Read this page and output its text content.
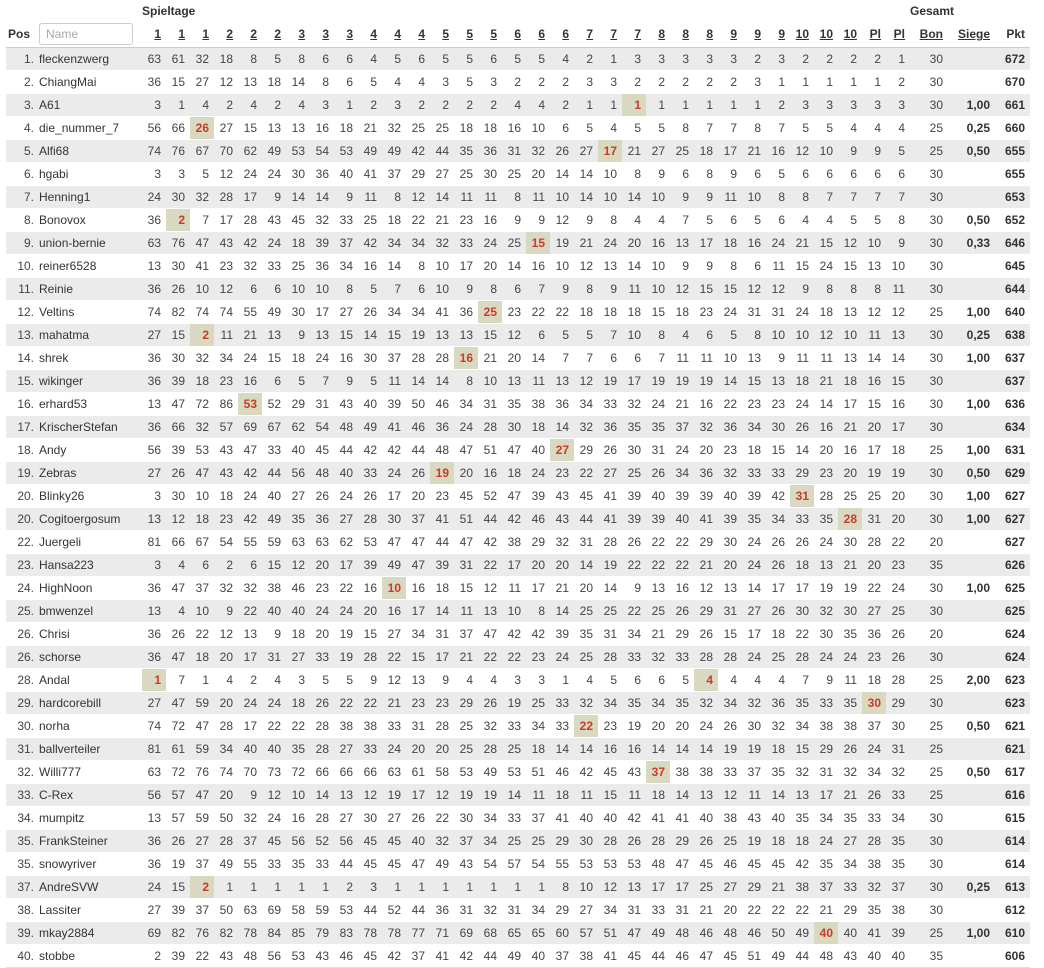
		Spieltage																																Gesamt		
Pos	Name	1	1	1	2	2	2	3	3	3	4	4	4	5	5	5	6	6	6	7	7	7	8	8	8	9	9	9	10	10	10	Pl	Pl	Bon	Siege	Pkt
1.	fleckenzwerg	63	61	32	18	8	5	8	6	6	4	5	6	5	5	6	5	5	4	2	1	3	3	3	3	3	2	3	2	2	2	2	1	30		672
2.	ChiangMai	36	15	27	12	13	18	14	8	6	5	4	4	3	5	3	2	2	2	3	3	2	2	2	2	2	3	1	1	1	1	1	2	30		670
3.	A61	3	1	4	2	4	2	4	3	1	2	3	2	2	2	2	4	4	2	1	1	1	1	1	1	1	1	2	3	3	3	3	3	30	1,00	661
4.	die_nummer_7	56	66	26	27	15	13	13	16	18	21	32	25	25	18	18	16	10	6	5	4	5	5	8	7	7	8	7	5	5	4	4	4	25	0,25	660
5.	Alfi68	74	76	67	70	62	49	53	54	53	49	49	42	44	35	36	31	32	26	27	17	21	27	25	18	17	21	16	12	10	9	9	5	25	0,50	655
6.	hgabi	3	3	5	12	24	24	30	36	40	41	37	29	27	25	30	25	20	14	14	10	8	9	6	8	9	6	5	6	6	6	6	6	30		655
7.	Henning1	24	30	32	28	17	9	14	14	9	11	8	12	14	11	11	8	11	10	14	10	14	10	9	9	11	10	8	8	7	7	7	7	30		653
8.	Bonovox	36	2	7	17	28	43	45	32	33	25	18	22	21	23	16	9	9	12	9	8	4	4	7	5	6	5	6	4	4	5	5	8	30	0,50	652
9.	union-bernie	63	76	47	43	42	24	18	39	37	42	34	34	32	33	24	25	15	19	21	24	20	16	13	17	18	16	24	21	15	12	10	9	30	0,33	646
10.	reiner6528	13	30	41	23	32	33	25	36	34	16	14	8	10	17	20	14	16	10	12	13	14	10	9	9	8	6	11	15	24	15	13	10	30		645
11.	Reinie	36	26	10	12	6	6	10	10	8	5	7	6	10	9	8	6	7	9	8	9	11	10	12	15	15	12	12	9	8	8	8	11	30		644
12.	Veltins	74	82	74	74	55	49	30	17	27	26	34	34	41	36	25	23	22	22	18	18	18	15	18	23	24	31	31	24	18	13	12	12	25	1,00	640
13.	mahatma	27	15	2	11	21	13	9	13	15	14	15	19	13	13	15	12	6	5	5	7	10	8	4	6	5	8	10	10	12	10	11	13	30	0,25	638
14.	shrek	36	30	32	34	24	15	18	24	16	30	37	28	28	16	21	20	14	7	7	6	6	7	11	11	10	13	9	11	11	13	14	14	30	1,00	637
15.	wikinger	36	39	18	23	16	6	5	7	9	5	11	14	14	8	10	13	11	13	12	19	17	19	19	19	14	15	13	18	21	18	16	15	30		637
16.	erhard53	13	47	72	86	53	52	29	31	43	40	39	50	46	34	31	35	38	36	34	33	32	24	21	16	22	23	23	24	14	17	15	16	30	1,00	636
17.	KrischerStefan	36	66	32	57	69	67	62	54	48	49	41	46	36	24	28	30	18	14	32	36	35	35	37	32	36	34	30	26	16	21	20	17	30		634
18.	Andy	56	39	53	43	47	33	40	45	44	42	42	44	48	47	51	47	40	27	29	26	30	31	24	20	23	18	15	14	20	16	17	18	25	1,00	631
19.	Zebras	27	26	47	43	42	44	56	48	40	33	24	26	19	20	16	18	24	23	22	27	25	26	34	36	32	33	33	29	23	20	19	19	30	0,50	629
20.	Blinky26	3	30	10	18	24	40	27	26	24	26	17	20	23	45	52	47	39	43	45	41	39	40	39	39	40	39	42	31	28	25	25	20	30	1,00	627
20.	Cogitoergosum	13	12	18	23	42	49	35	36	27	28	30	37	41	51	44	42	46	43	44	41	39	39	40	41	39	35	34	33	35	28	31	20	30	1,00	627
22.	Juergeli	81	66	67	54	55	59	63	63	62	53	47	47	44	47	42	38	29	32	31	28	26	22	22	29	30	24	26	26	24	30	28	22	20		627
23.	Hansa223	3	4	6	2	6	15	12	20	17	39	49	47	39	31	22	17	20	20	14	19	22	22	22	21	20	24	26	18	13	21	20	23	35		626
24.	HighNoon	36	47	37	32	32	38	46	23	22	16	10	16	18	15	12	11	17	21	20	14	9	13	16	12	13	14	17	17	19	19	22	24	30	1,00	625
25.	bmwenzel	13	4	10	9	22	40	40	24	24	20	16	17	14	11	13	10	8	14	25	25	22	25	26	29	31	27	26	30	32	30	27	25	30		625
26.	Chrisi	36	26	22	12	13	9	18	20	19	15	27	34	31	37	47	42	42	39	35	31	34	21	29	26	15	17	18	22	30	35	36	26	20		624
26.	schorse	36	47	18	20	17	31	27	33	19	28	22	15	17	21	22	22	23	24	25	28	33	32	33	28	28	24	25	28	24	24	23	26	30		624
28.	Andal	1	7	1	4	2	4	3	5	5	9	12	13	9	4	4	3	3	1	4	5	6	6	5	4	4	4	4	7	9	11	18	28	25	2,00	623
29.	hardcorebill	27	47	59	20	24	24	18	26	22	22	21	23	23	29	26	19	25	33	32	34	35	34	35	32	34	32	36	35	33	35	30	29	30		623
30.	norha	74	72	47	28	17	22	22	28	38	38	33	31	28	25	32	33	34	33	22	23	19	20	20	24	26	30	32	34	38	38	37	30	25	0,50	621
31.	ballverteiler	81	61	59	34	40	40	35	28	27	33	24	20	20	25	28	25	18	14	14	16	16	14	14	14	19	19	18	15	29	26	24	31	25		621
32.	Willi777	63	72	76	74	70	73	72	66	66	66	63	61	58	53	49	53	51	46	42	45	43	37	38	38	33	37	35	32	31	32	34	32	25	0,50	617
33.	C-Rex	56	57	47	20	9	12	10	14	13	12	19	17	12	19	19	14	11	18	11	15	11	18	14	13	12	11	14	13	17	21	26	33	25		616
34.	mumpitz	13	57	59	50	32	24	16	28	27	30	27	26	22	30	34	33	37	41	40	40	42	41	41	40	38	43	40	35	34	35	33	34	30		615
35.	FrankSteiner	36	26	27	28	37	45	56	52	56	45	45	40	32	37	34	25	25	29	30	28	26	28	29	26	25	19	18	18	24	27	28	35	30		614
35.	snowyriver	36	19	37	49	55	33	35	33	44	45	45	47	49	43	54	57	54	55	53	53	53	48	47	45	46	45	45	42	35	34	38	35	30		614
37.	AndreSVW	24	15	2	1	1	1	1	1	2	3	1	1	1	1	1	1	1	8	10	12	13	17	17	25	27	29	21	38	37	33	32	37	30	0,25	613
38.	Lassiter	27	39	37	50	63	69	58	59	53	44	52	44	36	31	32	31	34	29	27	34	31	33	31	21	20	22	22	22	21	29	35	38	30		612
39.	mkay2884	69	82	76	82	78	84	85	79	83	78	78	77	71	69	68	65	65	60	57	51	47	49	48	46	48	46	50	49	40	40	41	39	25	1,00	610
40.	stobbe	2	39	22	43	48	56	53	43	46	45	42	37	41	42	44	49	40	37	38	41	45	44	46	47	45	51	49	44	48	43	40	40	35		606
